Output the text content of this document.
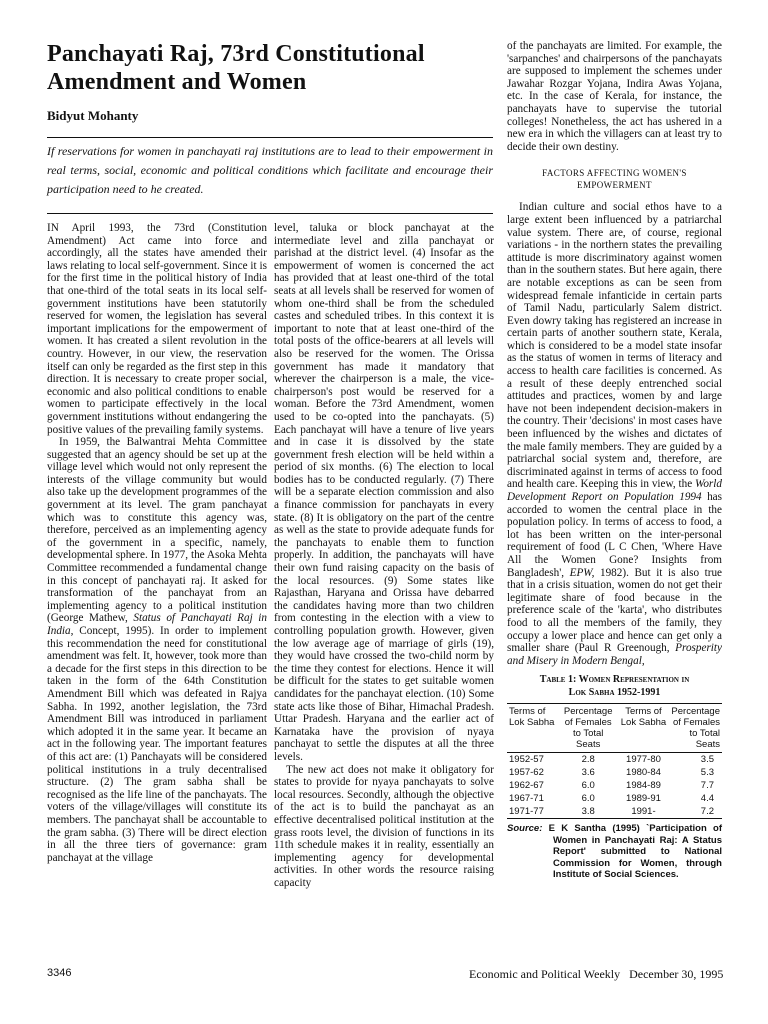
Panchayati Raj, 73rd Constitutional Amendment and Women
Bidyut Mohanty

If reservations for women in panchayati raj institutions are to lead to their empowerment in real terms, social, economic and political conditions which facilitate and encourage their participation need to he created.

IN April 1993, the 73rd (Constitution Amendment) Act came into force and accordingly, all the states have amended their laws relating to local self-government. Since it is for the first time in the political history of India that one-third of the total seats in its local self-government institutions have been statutorily reserved for women, the legislation has several important implications for the empowerment of women. It has created a silent revolution in the country. However, in our view, the reservation itself can only be regarded as the first step in this direction. It is necessary to create proper social, economic and also political conditions to enable women to participate effectively in the local government institutions without endangering the positive values of the prevailing family systems.

In 1959, the Balwantrai Mehta Committee suggested that an agency should be set up at the village level which would not only represent the interests of the village community but would also take up the development programmes of the government at its level. The gram panchayat which was to constitute this agency was, therefore, perceived as an implementing agency of the government in a specific, namely, developmental sphere. In 1977, the Asoka Mehta Committee recommended a fundamental change in this concept of panchayati raj. It asked for transformation of the panchayat from an implementing agency to a political institution (George Mathew, Status of Panchayati Raj in India, Concept, 1995). In order to implement this recommendation the need for constitutional amendment was felt. It, however, took more than a decade for the first steps in this direction to be taken in the form of the 64th Constitution Amendment Bill which was defeated in Rajya Sabha. In 1992, another legislation, the 73rd Amendment Bill was introduced in parliament which adopted it in the same year. It became an act in the following year. The important features of this act are: (1) Panchayats will be considered political institutions in a truly decentralised structure. (2) The gram sabha shall be recognised as the life line of the panchayats. The voters of the village/villages will constitute its members. The panchayat shall be accountable to the gram sabha. (3) There will be direct election in all the three tiers of governance: gram panchayat at the village

level, taluka or block panchayat at the intermediate level and zilla panchayat or parishad at the district level. (4) Insofar as the empowerment of women is concerned the act has provided that at least one-third of the total seats at all levels shall be reserved for women of whom one-third shall be from the scheduled castes and scheduled tribes. In this context it is important to note that at least one-third of the total posts of the office-bearers at all levels will also be reserved for the women. The Orissa government has made it mandatory that wherever the chairperson is a male, the vice-chairperson's post would be reserved for a woman. Before the 73rd Amendment, women used to be co-opted into the panchayats. (5) Each panchayat will have a tenure of live years and in case it is dissolved by the state government fresh election will be held within a period of six months. (6) The election to local bodies has to be conducted regularly. (7) There will be a separate election commission and also a finance commission for panchayats in every state. (8) It is obligatory on the part of the centre as well as the state to provide adequate funds for the panchayats to enable them to function properly. In addition, the panchayats will have their own fund raising capacity on the basis of the local resources. (9) Some states like Rajasthan, Haryana and Orissa have debarred the candidates having more than two children from contesting in the election with a view to controlling population growth. However, given the low average age of marriage of girls (19), they would have crossed the two-child norm by the time they contest for elections. Hence it will be difficult for the states to get suitable women candidates for the panchayat election. (10) Some state acts like those of Bihar, Himachal Pradesh. Uttar Pradesh. Haryana and the earlier act of Karnataka have the provision of nyaya panchayat to settle the disputes at all the three levels.

The new act does not make it obligatory for states to provide for nyaya panchayats to solve local resources. Secondly, although the objective of the act is to build the panchayat as an effective decentralised political institution at the grass roots level, the division of functions in its 11th schedule makes it in reality, essentially an implementing agency for developmental activities. In other words the resource raising capacity

of the panchayats are limited. For example, the 'sarpanches' and chairpersons of the panchayats are supposed to implement the schemes under Jawahar Rozgar Yojana, Indira Awas Yojana, etc. In the case of Kerala, for instance, the panchayats have to supervise the tutorial colleges! Nonetheless, the act has ushered in a new era in which the villagers can at least try to decide their own destiny.

FACTORS AFFECTING WOMEN'S
EMPOWERMENT

Indian culture and social ethos have to a large extent been influenced by a patriarchal value system. There are, of course, regional variations - in the northern states the prevailing attitude is more discriminatory against women than in the southern states. But here again, there are notable exceptions as can be seen from widespread female infanticide in certain parts of Tamil Nadu, particularly Salem district. Even dowry taking has registered an increase in certain parts of another southern state, Kerala, which is considered to be a model state insofar as the status of women in terms of literacy and access to health care facilities is concerned. As a result of these deeply entrenched social attitudes and practices, women by and large have not been independent decision-makers in the country. Their 'decisions' in most cases have been influenced by the wishes and dictates of the male family members. They are guided by a patriarchal social system and, therefore, are discriminated against in terms of access to food and health care. Keeping this in view, the World Development Report on Population 1994 has accorded to women the central place in the population policy. In terms of access to food, a lot has been written on the inter-personal requirement of food (L C Chen, 'Where Have All the Women Gone? Insights from Bangladesh', EPW, 1982). But it is also true that in a crisis situation, women do not get their legitimate share of food because in the preference scale of the 'karta', who distributes food to all the members of the family, they occupy a lower place and hence can get only a smaller share (Paul R Greenough, Prosperity and Misery in Modern Bengal,

Table 1: Women Representation in
Lok Sabha 1952-1991
Terms of Lok Sabha	Percentage of Females to Total Seats	Terms of Lok Sabha	Percentage of Females to Total Seats

1952-57	2.8	1977-80	3.5
1957-62	3.6	1980-84	5.3
1962-67	6.0	1984-89	7.7
1967-71	6.0	1989-91	4.4
1971-77	3.8	1991-	7.2
Source: E K Santha (1995) `Participation of Women in Panchayati Raj: A Status Report' submitted to National Commission for Women, through Institute of Social Sciences.
3346	Economic and Political Weekly   December 30, 1995
